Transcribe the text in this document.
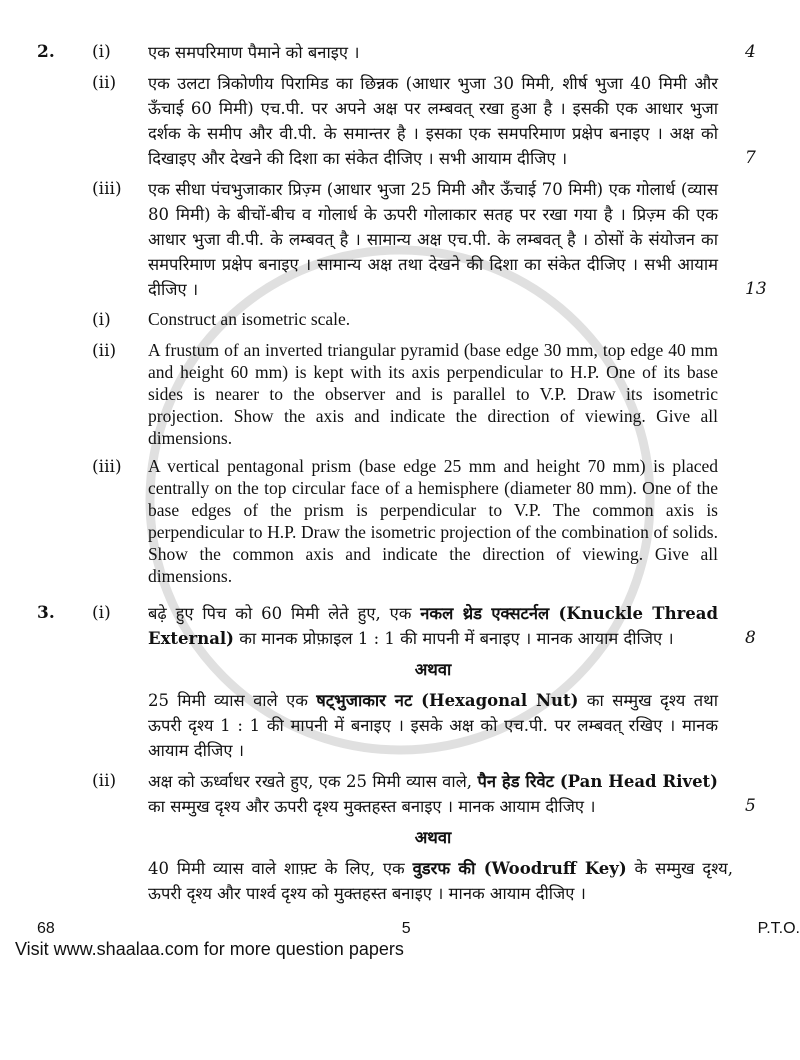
2.	(i)	एक समपरिमाण पैमाने को बनाइए ।	4
(ii)	एक उलटा त्रिकोणीय पिरामिड का छिन्नक (आधार भुजा 30 मिमी, शीर्ष भुजा 40 मिमी और ऊँचाई 60 मिमी) एच.पी. पर अपने अक्ष पर लम्बवत् रखा हुआ है । इसकी एक आधार भुजा दर्शक के समीप और वी.पी. के समान्तर है । इसका एक समपरिमाण प्रक्षेप बनाइए । अक्ष को दिखाइए और देखने की दिशा का संकेत दीजिए । सभी आयाम दीजिए ।	7
(iii)	एक सीधा पंचभुजाकार प्रिज़्म (आधार भुजा 25 मिमी और ऊँचाई 70 मिमी) एक गोलार्ध (व्यास 80 मिमी) के बीचों-बीच व गोलार्ध के ऊपरी गोलाकार सतह पर रखा गया है । प्रिज़्म की एक आधार भुजा वी.पी. के लम्बवत् है । सामान्य अक्ष एच.पी. के लम्बवत् है । ठोसों के संयोजन का समपरिमाण प्रक्षेप बनाइए । सामान्य अक्ष तथा देखने की दिशा का संकेत दीजिए । सभी आयाम दीजिए ।	13
(i)	Construct an isometric scale.
(ii)	A frustum of an inverted triangular pyramid (base edge 30 mm, top edge 40 mm and height 60 mm) is kept with its axis perpendicular to H.P. One of its base sides is nearer to the observer and is parallel to V.P. Draw its isometric projection. Show the axis and indicate the direction of viewing. Give all dimensions.
(iii)	A vertical pentagonal prism (base edge 25 mm and height 70 mm) is placed centrally on the top circular face of a hemisphere (diameter 80 mm). One of the base edges of the prism is perpendicular to V.P. The common axis is perpendicular to H.P. Draw the isometric projection of the combination of solids. Show the common axis and indicate the direction of viewing. Give all dimensions.
3.	(i)	बढ़े हुए पिच को 60 मिमी लेते हुए, एक नकल थ्रेड एक्सटर्नल (Knuckle Thread External) का मानक प्रोफ़ाइल 1 : 1 की मापनी में बनाइए । मानक आयाम दीजिए ।	8
अथवा
25 मिमी व्यास वाले एक षट्भुजाकार नट (Hexagonal Nut) का सम्मुख दृश्य तथा ऊपरी दृश्य 1 : 1 की मापनी में बनाइए । इसके अक्ष को एच.पी. पर लम्बवत् रखिए । मानक आयाम दीजिए ।
(ii)	अक्ष को ऊर्ध्वाधर रखते हुए, एक 25 मिमी व्यास वाले, पैन हेड रिवेट (Pan Head Rivet) का सम्मुख दृश्य और ऊपरी दृश्य मुक्तहस्त बनाइए । मानक आयाम दीजिए ।	5
अथवा
40 मिमी व्यास वाले शाफ़्ट के लिए, एक वुडरफ की (Woodruff Key) के सम्मुख दृश्य, ऊपरी दृश्य और पार्श्व दृश्य को मुक्तहस्त बनाइए । मानक आयाम दीजिए ।
68	5	P.T.O.
Visit www.shaalaa.com for more question papers
